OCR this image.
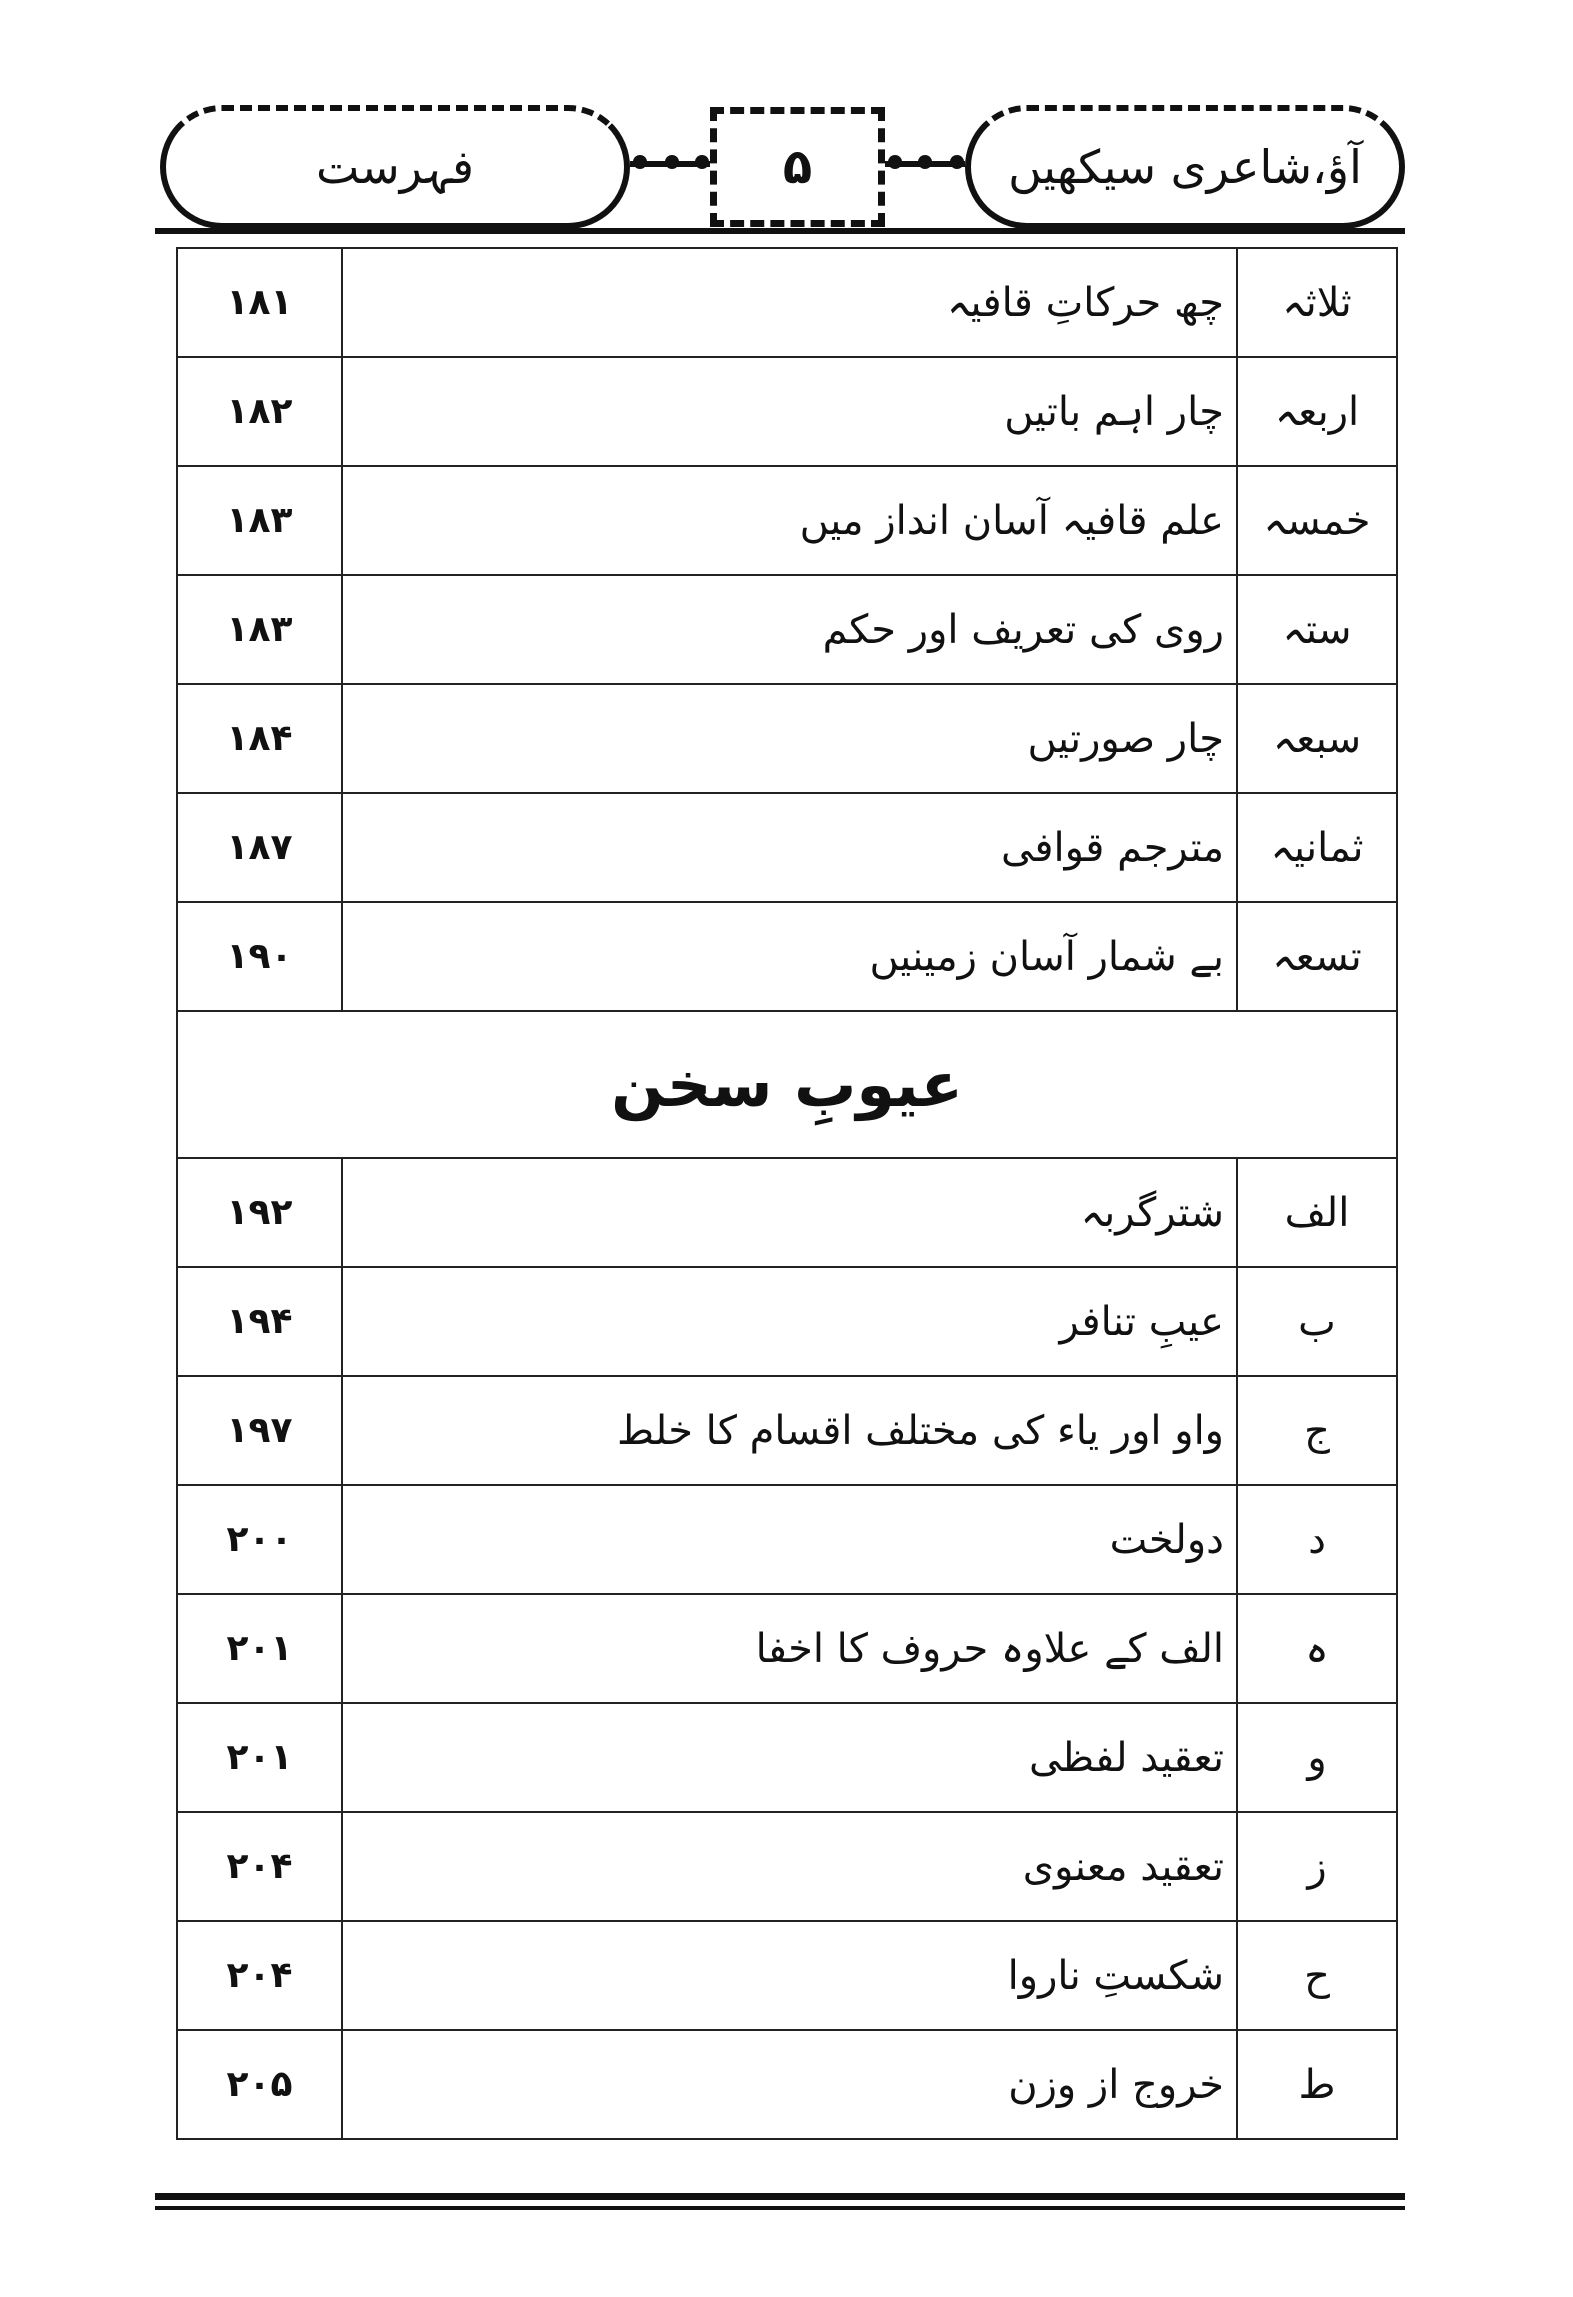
فہرست	۵	آؤ،شاعری سیکھیں
۱۸۱	چھ حرکاتِ قافیہ	ثلاثہ
۱۸۲	چار اہم باتیں	اربعہ
۱۸۳	علم قافیہ آسان انداز میں	خمسہ
۱۸۳	روی کی تعریف اور حکم	ستہ
۱۸۴	چار صورتیں	سبعہ
۱۸۷	مترجم قوافی	ثمانیہ
۱۹۰	بے شمار آسان زمینیں	تسعہ
عیوبِ سخن		
۱۹۲	شترگربہ	الف
۱۹۴	عیبِ تنافر	ب
۱۹۷	واو اور یاء کی مختلف اقسام کا خلط	ج
۲۰۰	دولخت	د
۲۰۱	الف کے علاوہ حروف کا اخفا	ہ
۲۰۱	تعقید لفظی	و
۲۰۴	تعقید معنوی	ز
۲۰۴	شکستِ ناروا	ح
۲۰۵	خروج از وزن	ط
